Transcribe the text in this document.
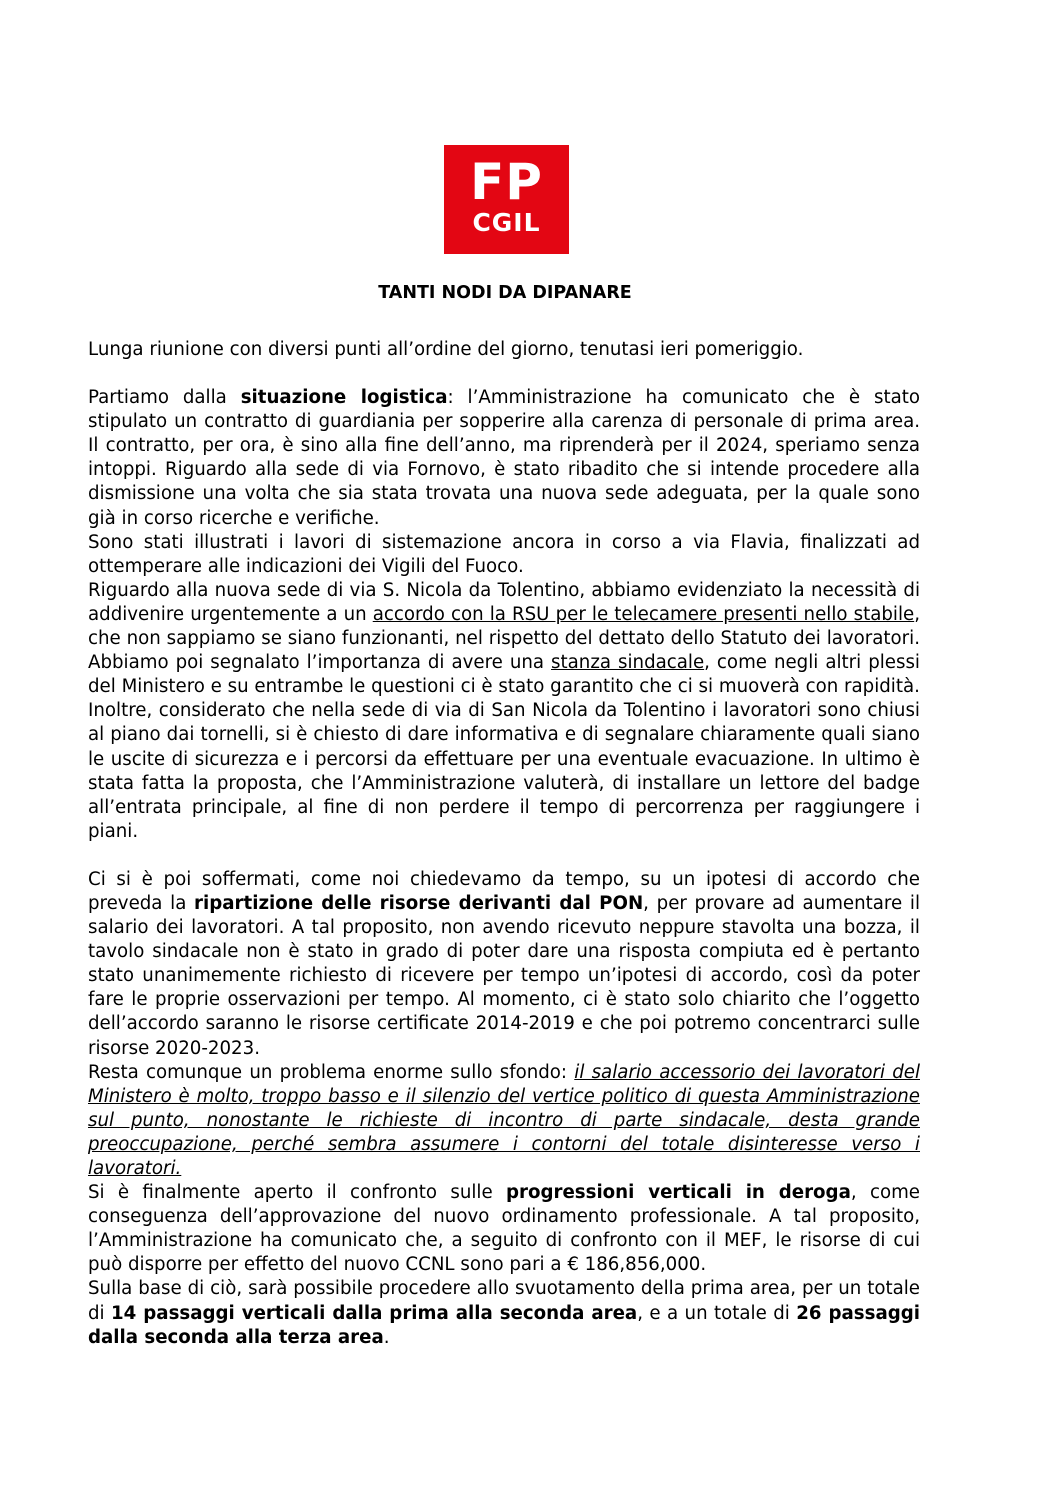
FP
CGIL
TANTI NODI DA DIPANARE

Lunga riunione con diversi punti all’ordine del giorno, tenutasi ieri pomeriggio.

Partiamo dalla situazione logistica: l’Amministrazione ha comunicato che è stato stipulato un contratto di guardiania per sopperire alla carenza di personale di prima area. Il contratto, per ora, è sino alla fine dell’anno, ma riprenderà per il 2024, speriamo senza intoppi. Riguardo alla sede di via Fornovo, è stato ribadito che si intende procedere alla dismissione una volta che sia stata trovata una nuova sede adeguata, per la quale sono già in corso ricerche e verifiche.

Sono stati illustrati i lavori di sistemazione ancora in corso a via Flavia, finalizzati ad ottemperare alle indicazioni dei Vigili del Fuoco.

Riguardo alla nuova sede di via S. Nicola da Tolentino, abbiamo evidenziato la necessità di addivenire urgentemente a un accordo con la RSU per le telecamere presenti nello stabile, che non sappiamo se siano funzionanti, nel rispetto del dettato dello Statuto dei lavoratori. Abbiamo poi segnalato l’importanza di avere una stanza sindacale, come negli altri plessi del Ministero e su entrambe le questioni ci è stato garantito che ci si muoverà con rapidità.

Inoltre, considerato che nella sede di via di San Nicola da Tolentino i lavoratori sono chiusi al piano dai tornelli, si è chiesto di dare informativa e di segnalare chiaramente quali siano le uscite di sicurezza e i percorsi da effettuare per una eventuale evacuazione. In ultimo è stata fatta la proposta, che l’Amministrazione valuterà, di installare un lettore del badge all’entrata principale, al fine di non perdere il tempo di percorrenza per raggiungere i piani.

Ci si è poi soffermati, come noi chiedevamo da tempo, su un ipotesi di accordo che preveda la ripartizione delle risorse derivanti dal PON, per provare ad aumentare il salario dei lavoratori. A tal proposito, non avendo ricevuto neppure stavolta una bozza, il tavolo sindacale non è stato in grado di poter dare una risposta compiuta ed è pertanto stato unanimemente richiesto di ricevere per tempo un’ipotesi di accordo, così da poter fare le proprie osservazioni per tempo. Al momento, ci è stato solo chiarito che l’oggetto dell’accordo saranno le risorse certificate 2014-2019 e che poi potremo concentrarci sulle risorse 2020-2023.

Resta comunque un problema enorme sullo sfondo: il salario accessorio dei lavoratori del Ministero è molto, troppo basso e il silenzio del vertice politico di questa Amministrazione sul punto, nonostante le richieste di incontro di parte sindacale, desta grande preoccupazione, perché sembra assumere i contorni del totale disinteresse verso i lavoratori.

Si è finalmente aperto il confronto sulle progressioni verticali in deroga, come conseguenza dell’approvazione del nuovo ordinamento professionale. A tal proposito, l’Amministrazione ha comunicato che, a seguito di confronto con il MEF, le risorse di cui può disporre per effetto del nuovo CCNL sono pari a € 186,856,000.

Sulla base di ciò, sarà possibile procedere allo svuotamento della prima area, per un totale di 14 passaggi verticali dalla prima alla seconda area, e a un totale di 26 passaggi dalla seconda alla terza area.
